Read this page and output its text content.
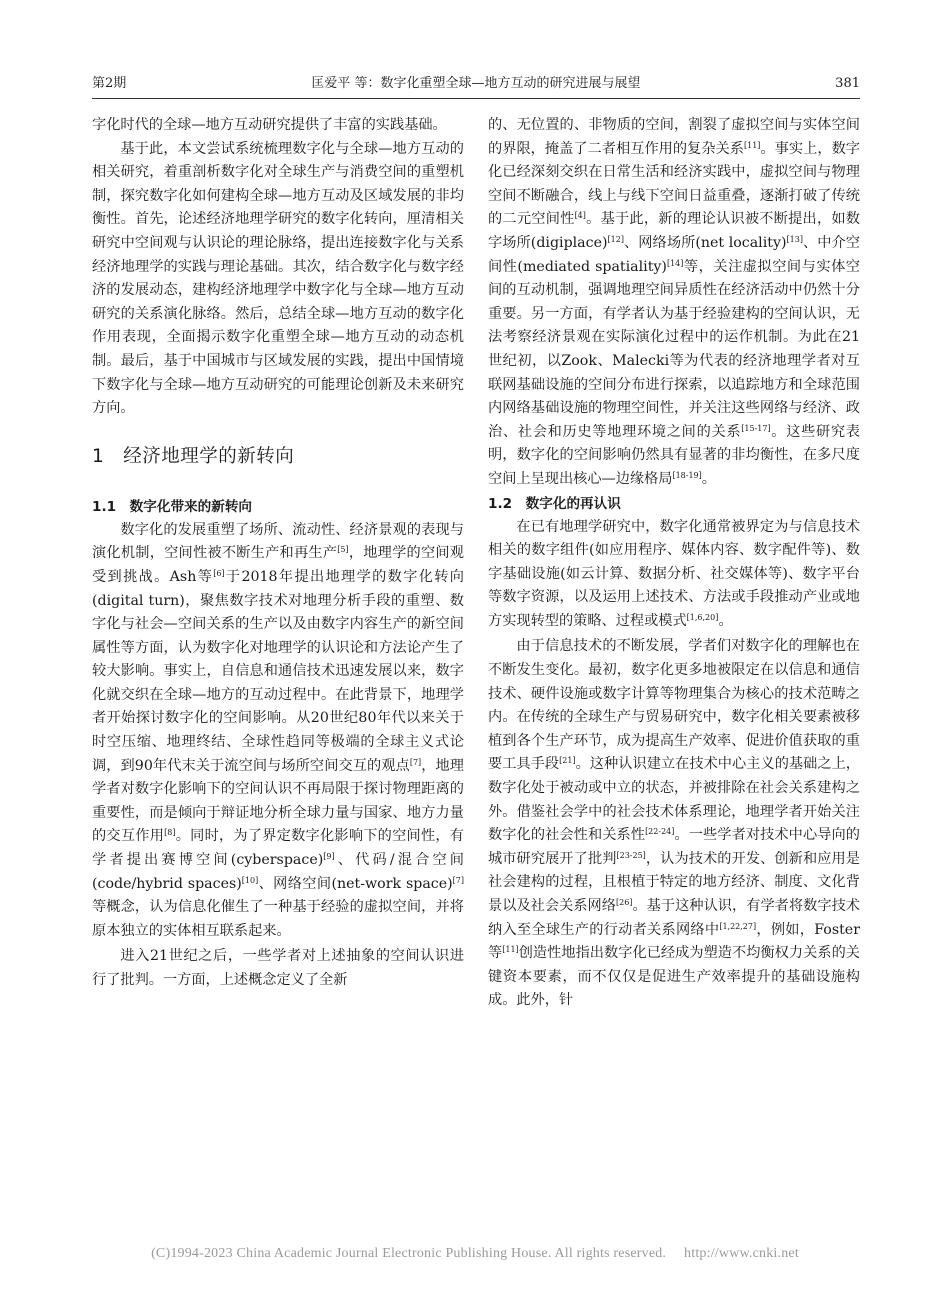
第2期	匡爱平 等：数字化重塑全球—地方互动的研究进展与展望	381

字化时代的全球—地方互动研究提供了丰富的实践基础。

基于此，本文尝试系统梳理数字化与全球—地方互动的相关研究，着重剖析数字化对全球生产与消费空间的重塑机制，探究数字化如何建构全球—地方互动及区域发展的非均衡性。首先，论述经济地理学研究的数字化转向，厘清相关研究中空间观与认识论的理论脉络，提出连接数字化与关系经济地理学的实践与理论基础。其次，结合数字化与数字经济的发展动态，建构经济地理学中数字化与全球—地方互动研究的关系演化脉络。然后，总结全球—地方互动的数字化作用表现，全面揭示数字化重塑全球—地方互动的动态机制。最后，基于中国城市与区域发展的实践，提出中国情境下数字化与全球—地方互动研究的可能理论创新及未来研究方向。

1　经济地理学的新转向
1.1　数字化带来的新转向

数字化的发展重塑了场所、流动性、经济景观的表现与演化机制，空间性被不断生产和再生产[5]，地理学的空间观受到挑战。Ash等[6]于2018年提出地理学的数字化转向(digital turn)，聚焦数字技术对地理分析手段的重塑、数字化与社会—空间关系的生产以及由数字内容生产的新空间属性等方面，认为数字化对地理学的认识论和方法论产生了较大影响。事实上，自信息和通信技术迅速发展以来，数字化就交织在全球—地方的互动过程中。在此背景下，地理学者开始探讨数字化的空间影响。从20世纪80年代以来关于时空压缩、地理终结、全球性趋同等极端的全球主义式论调，到90年代末关于流空间与场所空间交互的观点[7]，地理学者对数字化影响下的空间认识不再局限于探讨物理距离的重要性，而是倾向于辩证地分析全球力量与国家、地方力量的交互作用[8]。同时，为了界定数字化影响下的空间性，有学者提出赛博空间(cyberspace)[9]、代码/混合空间(code/hybrid spaces)[10]、网络空间(net-work space)[7]等概念，认为信息化催生了一种基于经验的虚拟空间，并将原本独立的实体相互联系起来。

进入21世纪之后，一些学者对上述抽象的空间认识进行了批判。一方面，上述概念定义了全新

的、无位置的、非物质的空间，割裂了虚拟空间与实体空间的界限，掩盖了二者相互作用的复杂关系[11]。事实上，数字化已经深刻交织在日常生活和经济实践中，虚拟空间与物理空间不断融合，线上与线下空间日益重叠，逐渐打破了传统的二元空间性[4]。基于此，新的理论认识被不断提出，如数字场所(digiplace)[12]、网络场所(net locality)[13]、中介空间性(mediated spatiality)[14]等，关注虚拟空间与实体空间的互动机制，强调地理空间异质性在经济活动中仍然十分重要。另一方面，有学者认为基于经验建构的空间认识，无法考察经济景观在实际演化过程中的运作机制。为此在21世纪初，以Zook、Malecki等为代表的经济地理学者对互联网基础设施的空间分布进行探索，以追踪地方和全球范围内网络基础设施的物理空间性，并关注这些网络与经济、政治、社会和历史等地理环境之间的关系[15-17]。这些研究表明，数字化的空间影响仍然具有显著的非均衡性，在多尺度空间上呈现出核心—边缘格局[18-19]。

1.2　数字化的再认识

在已有地理学研究中，数字化通常被界定为与信息技术相关的数字组件(如应用程序、媒体内容、数字配件等)、数字基础设施(如云计算、数据分析、社交媒体等)、数字平台等数字资源，以及运用上述技术、方法或手段推动产业或地方实现转型的策略、过程或模式[1,6,20]。

由于信息技术的不断发展，学者们对数字化的理解也在不断发生变化。最初，数字化更多地被限定在以信息和通信技术、硬件设施或数字计算等物理集合为核心的技术范畴之内。在传统的全球生产与贸易研究中，数字化相关要素被移植到各个生产环节，成为提高生产效率、促进价值获取的重要工具手段[21]。这种认识建立在技术中心主义的基础之上，数字化处于被动或中立的状态，并被排除在社会关系建构之外。借鉴社会学中的社会技术体系理论，地理学者开始关注数字化的社会性和关系性[22-24]。一些学者对技术中心导向的城市研究展开了批判[23-25]，认为技术的开发、创新和应用是社会建构的过程，且根植于特定的地方经济、制度、文化背景以及社会关系网络[26]。基于这种认识，有学者将数字技术纳入至全球生产的行动者关系网络中[1,22,27]，例如，Foster等[11]创造性地指出数字化已经成为塑造不均衡权力关系的关键资本要素，而不仅仅是促进生产效率提升的基础设施构成。此外，针

(C)1994-2023 China Academic Journal Electronic Publishing House. All rights reserved.　 http://www.cnki.net
